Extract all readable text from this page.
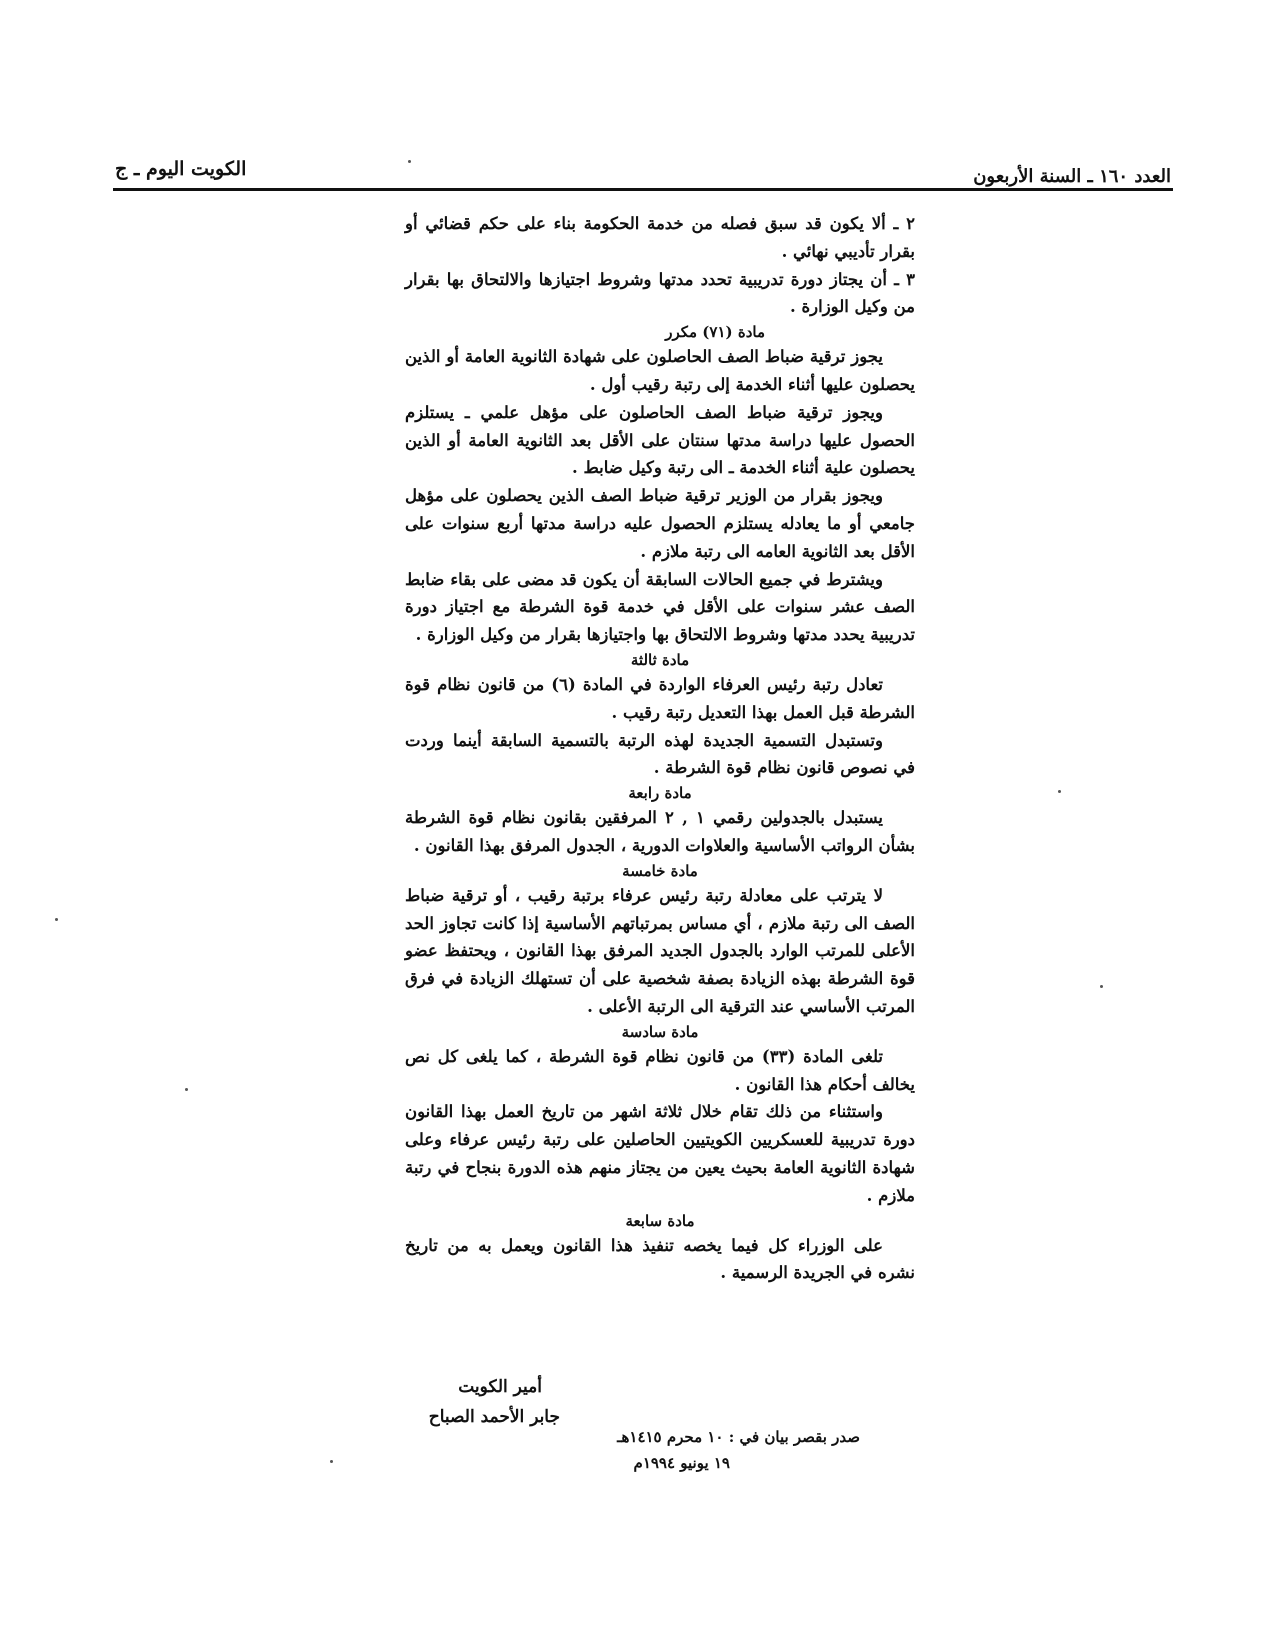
الكويت اليوم ـ ج	العدد ١٦٠ ـ السنة الأربعون

٢ ـ ألا يكون قد سبق فصله من خدمة الحكومة بناء على حكم قضائي أو بقرار تأديبي نهائي .

٣ ـ أن يجتاز دورة تدريبية تحدد مدتها وشروط اجتيازها والالتحاق بها بقرار من وكيل الوزارة .

مادة (٧١) مكرر

يجوز ترقية ضباط الصف الحاصلون على شهادة الثانوية العامة أو الذين يحصلون عليها أثناء الخدمة إلى رتبة رقيب أول .

ويجوز ترقية ضباط الصف الحاصلون على مؤهل علمي ـ يستلزم الحصول عليها دراسة مدتها سنتان على الأقل بعد الثانوية العامة أو الذين يحصلون علية أثناء الخدمة ـ الى رتبة وكيل ضابط .

ويجوز بقرار من الوزير ترقية ضباط الصف الذين يحصلون على مؤهل جامعي أو ما يعادله يستلزم الحصول عليه دراسة مدتها أربع سنوات على الأقل بعد الثانوية العامه الى رتبة ملازم .

ويشترط في جميع الحالات السابقة أن يكون قد مضى على بقاء ضابط الصف عشر سنوات على الأقل في خدمة قوة الشرطة مع اجتياز دورة تدريبية يحدد مدتها وشروط الالتحاق بها واجتيازها بقرار من وكيل الوزارة .

مادة ثالثة

تعادل رتبة رئيس العرفاء الواردة في المادة (٦) من قانون نظام قوة الشرطة قبل العمل بهذا التعديل رتبة رقيب .

وتستبدل التسمية الجديدة لهذه الرتبة بالتسمية السابقة أينما وردت في نصوص قانون نظام قوة الشرطة .

مادة رابعة

يستبدل بالجدولين رقمي ١ , ٢ المرفقين بقانون نظام قوة الشرطة بشأن الرواتب الأساسية والعلاوات الدورية ، الجدول المرفق بهذا القانون .

مادة خامسة

لا يترتب على معادلة رتبة رئيس عرفاء برتبة رقيب ، أو ترقية ضباط الصف الى رتبة ملازم ، أي مساس بمرتباتهم الأساسية إذا كانت تجاوز الحد الأعلى للمرتب الوارد بالجدول الجديد المرفق بهذا القانون ، ويحتفظ عضو قوة الشرطة بهذه الزيادة بصفة شخصية على أن تستهلك الزيادة في فرق المرتب الأساسي عند الترقية الى الرتبة الأعلى .

مادة سادسة

تلغى المادة (٣٣) من قانون نظام قوة الشرطة ، كما يلغى كل نص يخالف أحكام هذا القانون .

واستثناء من ذلك تقام خلال ثلاثة اشهر من تاريخ العمل بهذا القانون دورة تدريبية للعسكريين الكويتيين الحاصلين على رتبة رئيس عرفاء وعلى شهادة الثانوية العامة بحيث يعين من يجتاز منهم هذه الدورة بنجاح في رتبة ملازم .

مادة سابعة

على الوزراء كل فيما يخصه تنفيذ هذا القانون ويعمل به من تاريخ نشره في الجريدة الرسمية .

أمير الكويت
جابر الأحمد الصباح
صدر بقصر بيان في : ١٠ محرم ١٤١٥هـ
١٩ يونيو ١٩٩٤م
